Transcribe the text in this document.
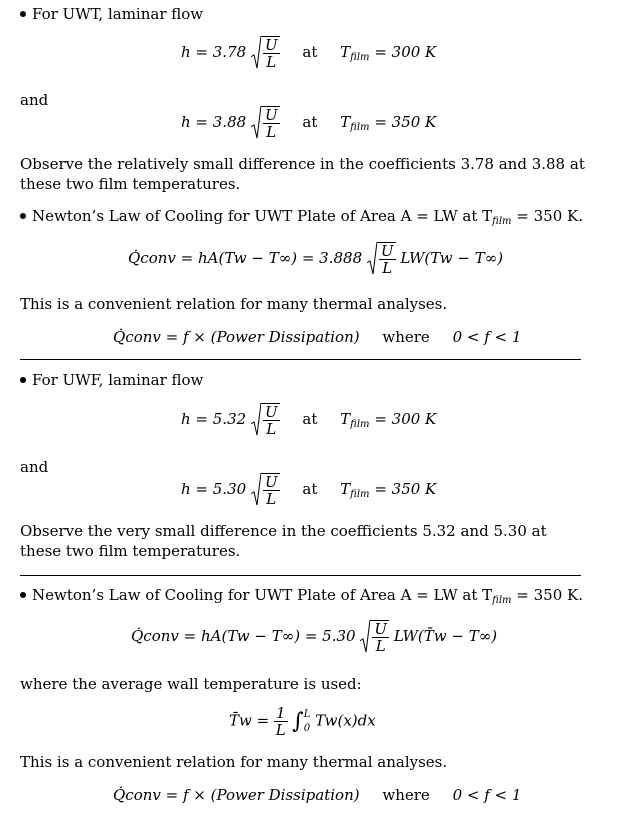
For UWT, laminar flow
$h = 3.78 \frac{U}{L}$ at $T_{film} = 300$ K
and
$h = 3.88 \frac{U}{L}$ at $T_{film} = 350$ K
Observe the relatively small difference in the coefficients 3.78 and 3.88 at these two film temperatures.
Newton’s Law of Cooling for UWT Plate of Area A = LW at $T_{film} = 350$ K.
Q̇conv = $hA(Tw - T\infty) = 3.888 \frac{U}{L} LW(Tw - T\infty)$
This is a convenient relation for many thermal analyses.
Q̇conv = f × (Power Dissipation) where 0 < f < 1
For UWF, laminar flow
$h = 5.32 \frac{U}{L}$ at $T_{film} = 300$ K
and
$h = 5.30 \frac{U}{L}$ at $T_{film} = 350$ K
Observe the very small difference in the coefficients 5.32 and 5.30 at these two film temperatures.
Newton’s Law of Cooling for UWT Plate of Area A = LW at $T_{film} = 350$ K.
Q̇conv = $hA(Tw - T\infty) = 5.30 \frac{U}{L}$ LW(T̄w − T∞)
where the average wall temperature is used:
T̄w = $\frac{1}{L}$ ∫ L
0 Tw(x)dx
This is a convenient relation for many thermal analyses.
Q̇conv = f × (Power Dissipation) where 0 < f < 1
